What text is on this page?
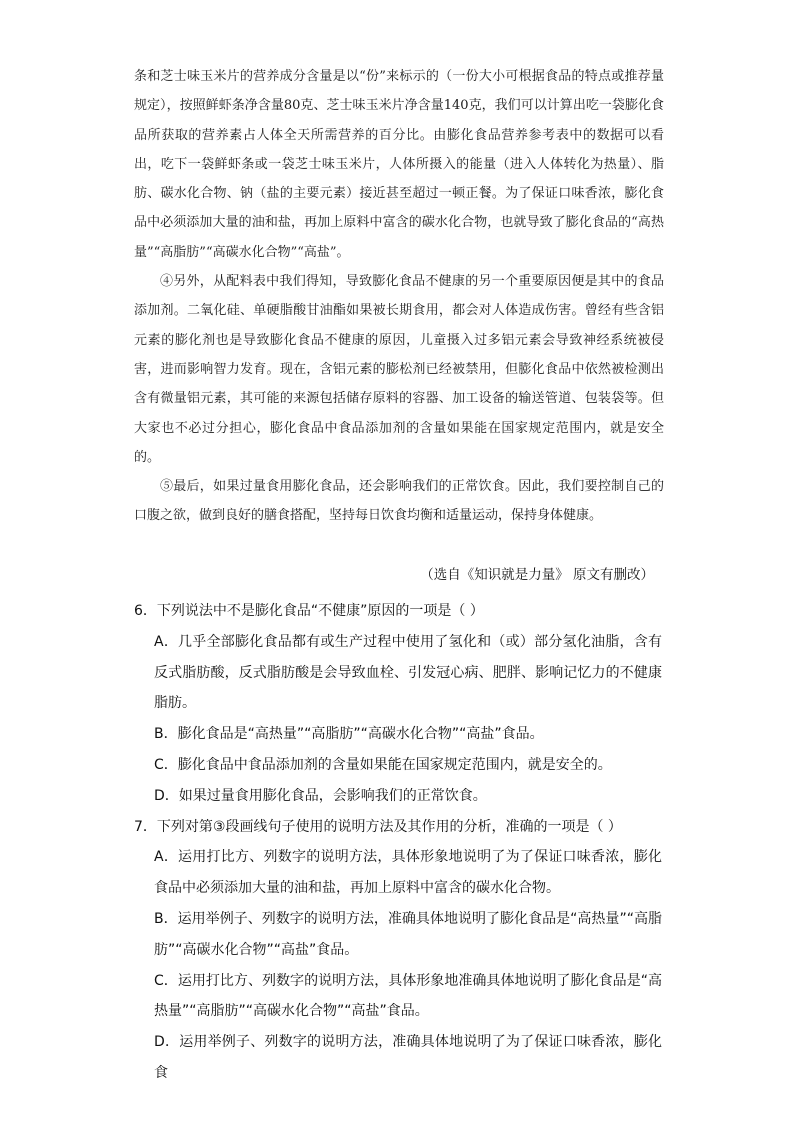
条和芝士味玉米片的营养成分含量是以“份”来标示的（一份大小可根据食品的特点或推荐量规定），按照鲜虾条净含量80克、芝士味玉米片净含量140克，我们可以计算出吃一袋膨化食品所获取的营养素占人体全天所需营养的百分比。由膨化食品营养参考表中的数据可以看出，吃下一袋鲜虾条或一袋芝士味玉米片，人体所摄入的能量（进入人体转化为热量）、脂肪、碳水化合物、钠（盐的主要元素）接近甚至超过一顿正餐。为了保证口味香浓，膨化食品中必须添加大量的油和盐，再加上原料中富含的碳水化合物，也就导致了膨化食品的“高热量”“高脂肪”“高碳水化合物”“高盐”。

④另外，从配料表中我们得知，导致膨化食品不健康的另一个重要原因便是其中的食品添加剂。二氧化硅、单硬脂酸甘油酯如果被长期食用，都会对人体造成伤害。曾经有些含铝元素的膨化剂也是导致膨化食品不健康的原因，儿童摄入过多铝元素会导致神经系统被侵害，进而影响智力发育。现在，含铝元素的膨松剂已经被禁用，但膨化食品中依然被检测出含有微量铝元素，其可能的来源包括储存原料的容器、加工设备的输送管道、包装袋等。但大家也不必过分担心，膨化食品中食品添加剂的含量如果能在国家规定范围内，就是安全的。

⑤最后，如果过量食用膨化食品，还会影响我们的正常饮食。因此，我们要控制自己的口腹之欲，做到良好的膳食搭配，坚持每日饮食均衡和适量运动，保持身体健康。

（选自《知识就是力量》 原文有删改）

6．下列说法中不是膨化食品“不健康”原因的一项是（ ）

A．几乎全部膨化食品都有或生产过程中使用了氢化和（或）部分氢化油脂，含有反式脂肪酸，反式脂肪酸是会导致血栓、引发冠心病、肥胖、影响记忆力的不健康脂肪。

B．膨化食品是“高热量”“高脂肪”“高碳水化合物”“高盐”食品。

C．膨化食品中食品添加剂的含量如果能在国家规定范围内，就是安全的。

D．如果过量食用膨化食品，会影响我们的正常饮食。

7．下列对第③段画线句子使用的说明方法及其作用的分析，准确的一项是（ ）

A．运用打比方、列数字的说明方法，具体形象地说明了为了保证口味香浓，膨化食品中必须添加大量的油和盐，再加上原料中富含的碳水化合物。

B．运用举例子、列数字的说明方法，准确具体地说明了膨化食品是“高热量”“高脂肪”“高碳水化合物”“高盐”食品。

C．运用打比方、列数字的说明方法，具体形象地准确具体地说明了膨化食品是“高热量”“高脂肪”“高碳水化合物”“高盐”食品。

D．运用举例子、列数字的说明方法，准确具体地说明了为了保证口味香浓，膨化食
